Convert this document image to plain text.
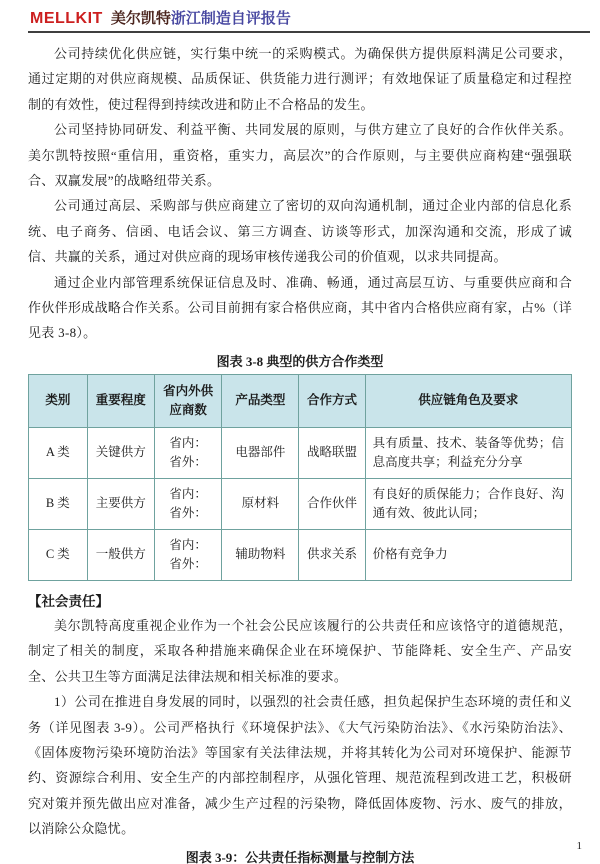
MELLKIT 美尔凯特浙江制造自评报告

公司持续优化供应链，实行集中统一的采购模式。为确保供方提供原料满足公司要求，通过定期的对供应商规模、品质保证、供货能力进行测评；有效地保证了质量稳定和过程控制的有效性，使过程得到持续改进和防止不合格品的发生。

公司坚持协同研发、利益平衡、共同发展的原则，与供方建立了良好的合作伙伴关系。美尔凯特按照“重信用，重资格，重实力，高层次”的合作原则，与主要供应商构建“强强联合、双赢发展”的战略纽带关系。

公司通过高层、采购部与供应商建立了密切的双向沟通机制，通过企业内部的信息化系统、电子商务、信函、电话会议、第三方调查、访谈等形式，加深沟通和交流，形成了诚信、共赢的关系，通过对供应商的现场审核传递我公司的价值观，以求共同提高。

通过企业内部管理系统保证信息及时、准确、畅通，通过高层互访、与重要供应商和合作伙伴形成战略合作关系。公司目前拥有家合格供应商，其中省内合格供应商有家，占%（详见表 3-8）。

图表 3-8 典型的供方合作类型
类别	重要程度	省内外供应商数	产品类型	合作方式	供应链角色及要求
A 类	关键供方	省内：
省外：	电器部件	战略联盟	具有质量、技术、装备等优势；信息高度共享；利益充分分享
B 类	主要供方	省内：
省外：	原材料	合作伙伴	有良好的质保能力；合作良好、沟通有效、彼此认同；
C 类	一般供方	省内：
省外：	辅助物料	供求关系	价格有竞争力
【社会责任】

美尔凯特高度重视企业作为一个社会公民应该履行的公共责任和应该恪守的道德规范，制定了相关的制度，采取各种措施来确保企业在环境保护、节能降耗、安全生产、产品安全、公共卫生等方面满足法律法规和相关标准的要求。

1）公司在推进自身发展的同时，以强烈的社会责任感，担负起保护生态环境的责任和义务（详见图表 3-9）。公司严格执行《环境保护法》、《大气污染防治法》、《水污染防治法》、《固体废物污染环境防治法》等国家有关法律法规，并将其转化为公司对环境保护、能源节约、资源综合利用、安全生产的内部控制程序，从强化管理、规范流程到改进工艺，积极研究对策并预先做出应对准备，减少生产过程的污染物，降低固体废物、污水、废气的排放，以消除公众隐忧。

图表 3-9：公共责任指标测量与控制方法
1
